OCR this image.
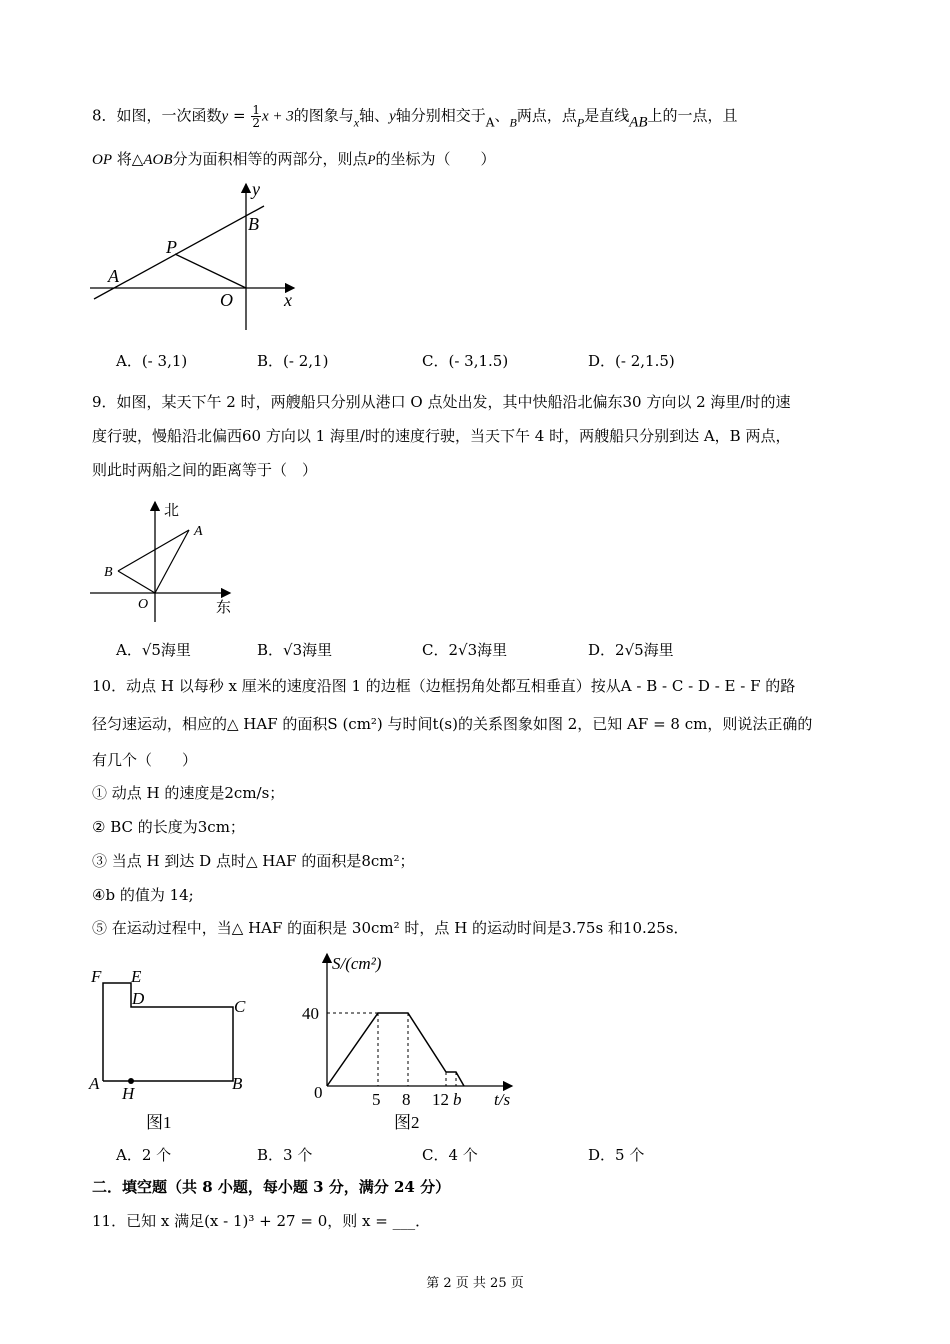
8．如图，一次函数$y = \frac{1}{2}$ x + 3的图象与$_x$轴、y轴分别相交于$_A$、$_B$两点，点$_P$是直线AB上的一点，且
OP 将△AOB分为面积相等的两部分，则点P的坐标为（　　）
y
B
P
A
O	x
A．(- 3,1)	B．(- 2,1)	C．(- 3,1.5)	D．(- 2,1.5)
9．如图，某天下午 2 时，两艘船只分别从港口 O 点处出发，其中快船沿北偏东30 方向以 2 海里/时的速
度行驶，慢船沿北偏西60 方向以 1 海里/时的速度行驶，当天下午 4 时，两艘船只分别到达 A，B 两点，
则此时两船之间的距离等于（　）
北
东
A
B
O
A．√5海里	B．√3海里	C．2√3海里	D．2√5海里
10．动点 H 以每秒 x 厘米的速度沿图 1 的边框（边框拐角处都互相垂直）按从A - B - C - D - E - F 的路
径匀速运动，相应的△ HAF 的面积S (cm²) 与时间t(s)的关系图象如图 2，已知 AF = 8 cm，则说法正确的
有几个（　　）
① 动点 H 的速度是2cm/s；
② BC 的长度为3cm；
③ 当点 H 到达 D 点时△ HAF 的面积是8cm²；
④b 的值为 14;
⑤ 在运动过程中，当△ HAF 的面积是 30cm² 时，点 H 的运动时间是3.75s 和10.25s．
F E
D	C
A
H
B
图1
S/(cm²)
40
0	5 8 12 b t/s
图2
A．2 个	B．3 个	C．4 个	D．5 个
二．填空题（共 8 小题，每小题 3 分，满分 24 分）
11．已知 x 满足(x - 1)³ + 27 = 0，则 x = ___．
第 2 页 共 25 页
